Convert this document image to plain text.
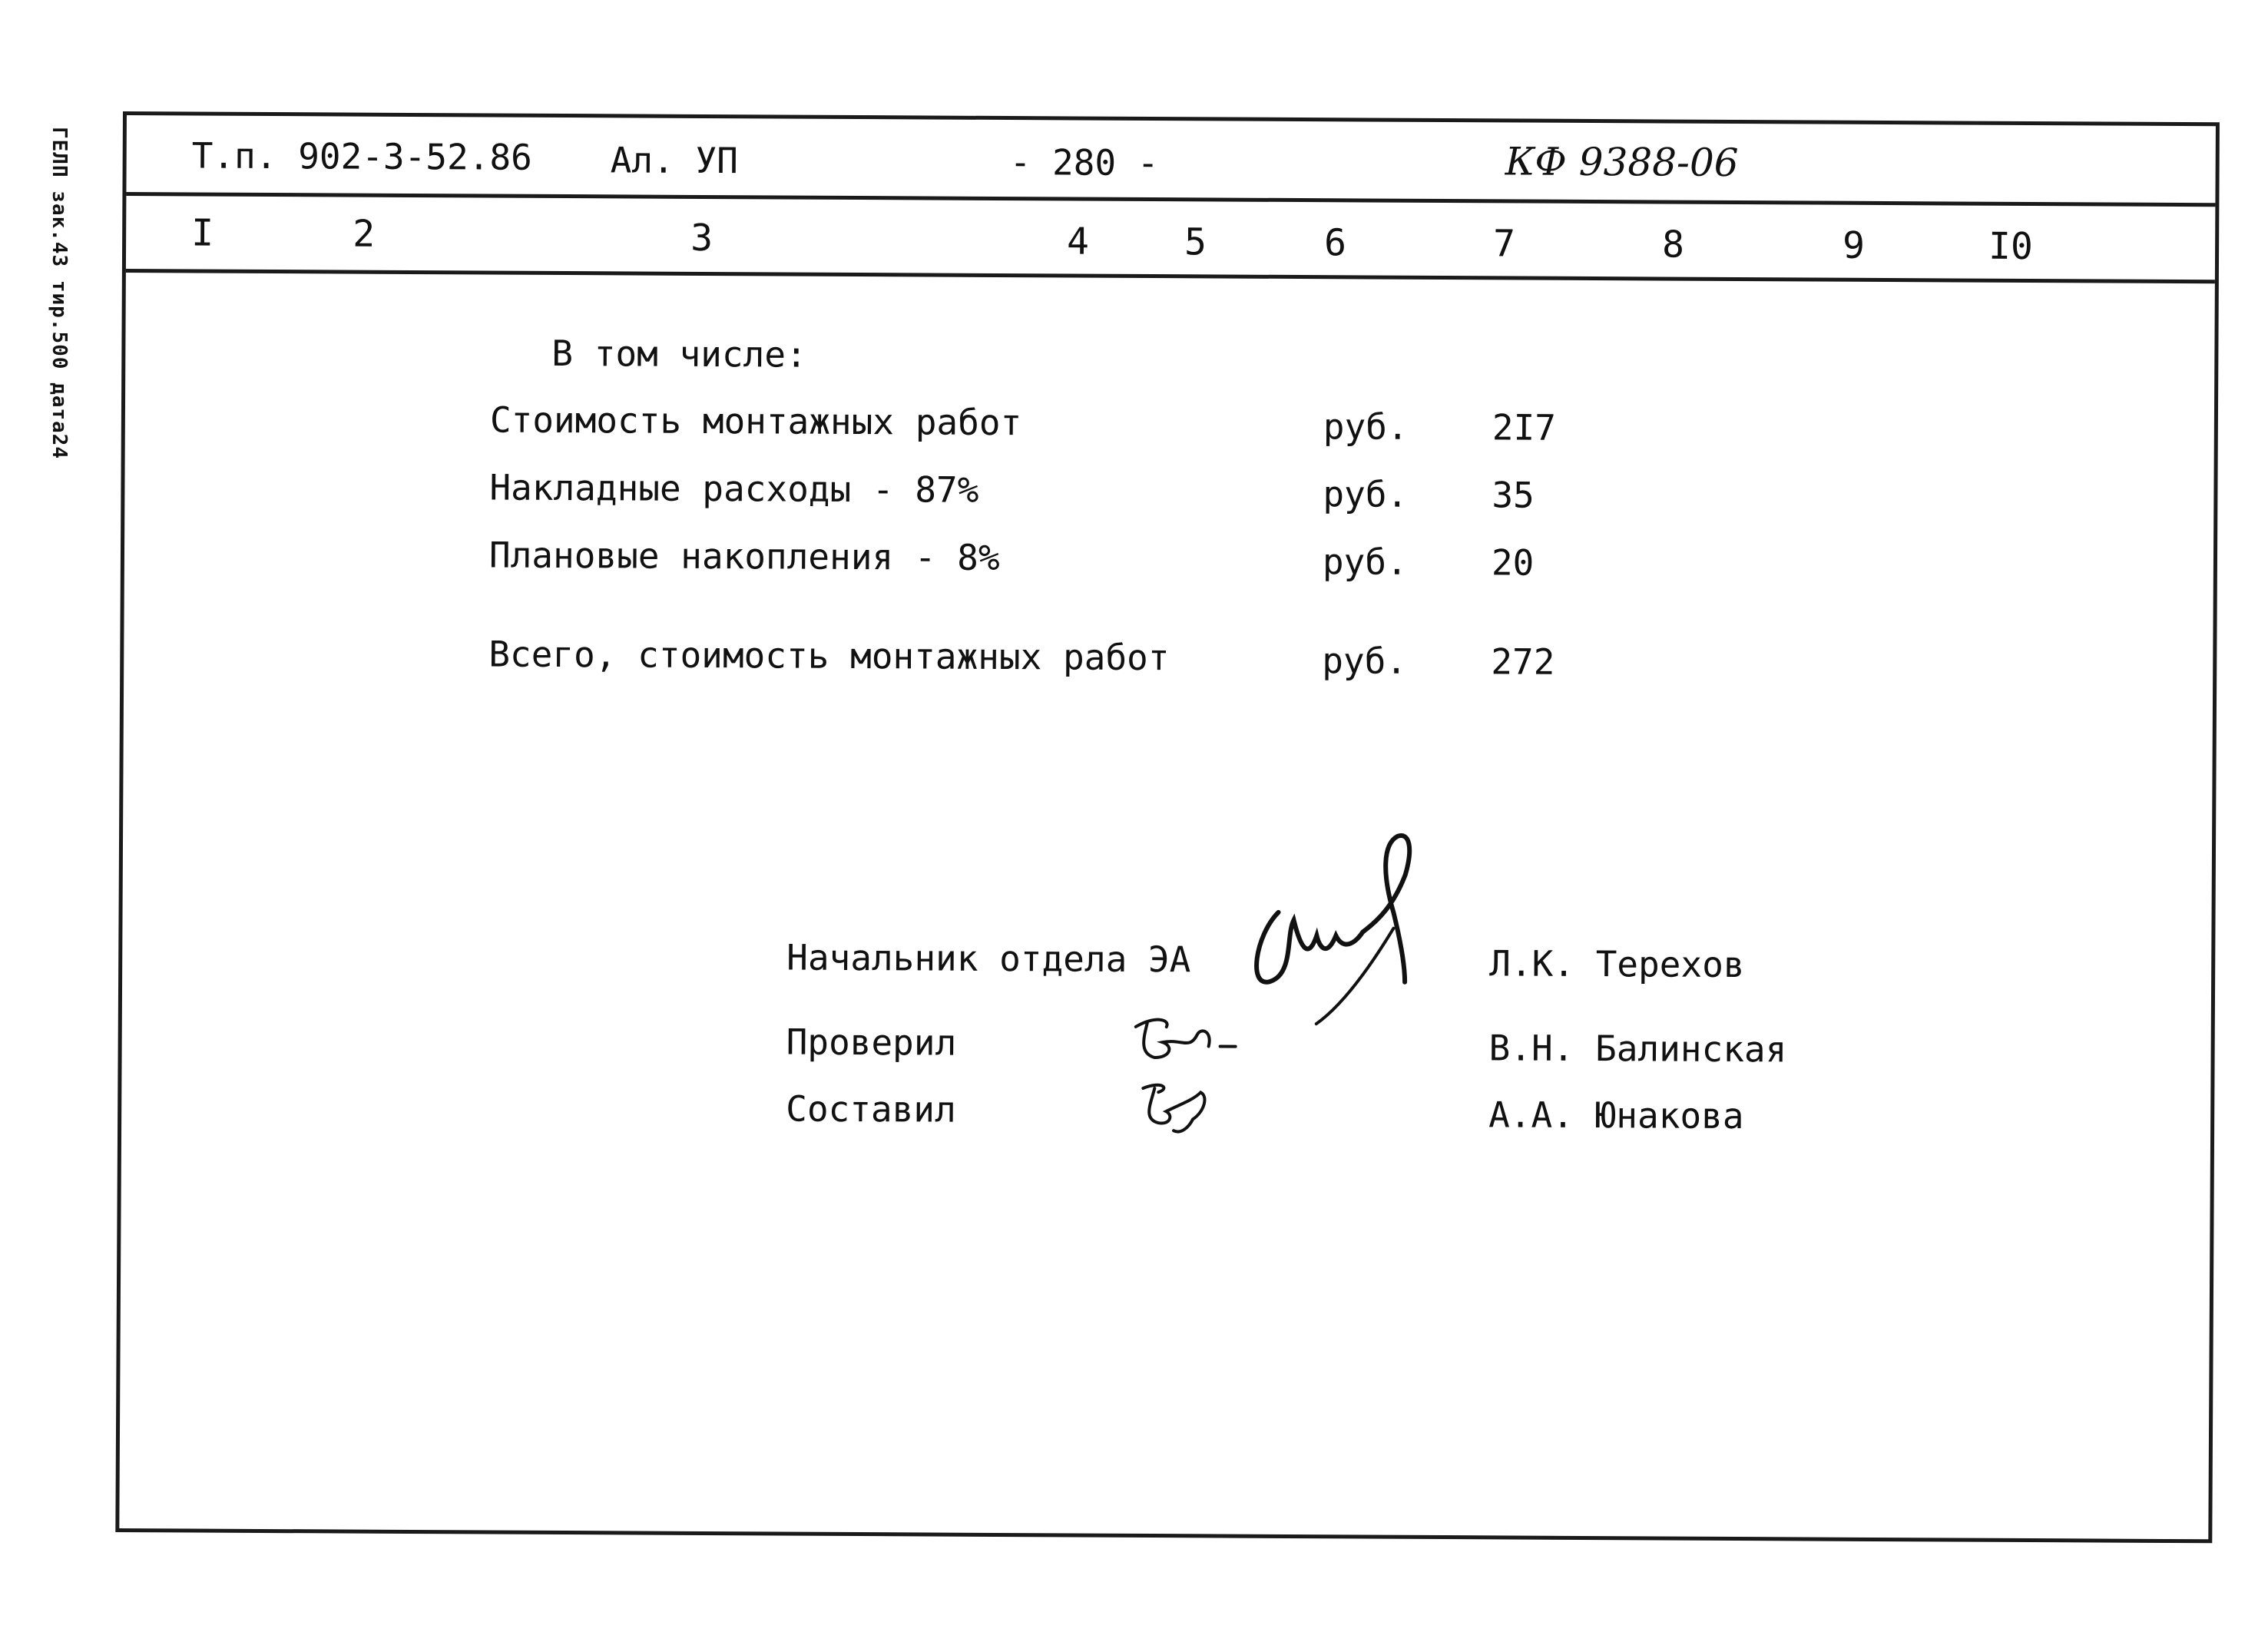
ГЕЛП зак.43 тир.500 дата24	Т.п. 902-3-52.86 Ал. УП	- 280 -	КФ 9388-06
I	2	3	4	5	6	7	8	9	I0
В том числе:
Стоимость монтажных работ	руб. 2I7
Накладные расходы - 87%	руб. 35
Плановые накопления - 8%	руб. 20
Всего, стоимость монтажных работ	руб. 272
Начальник отдела ЭА	Л.К. Терехов
Проверил	В.Н. Балинская
Составил	А.А. Юнакова
